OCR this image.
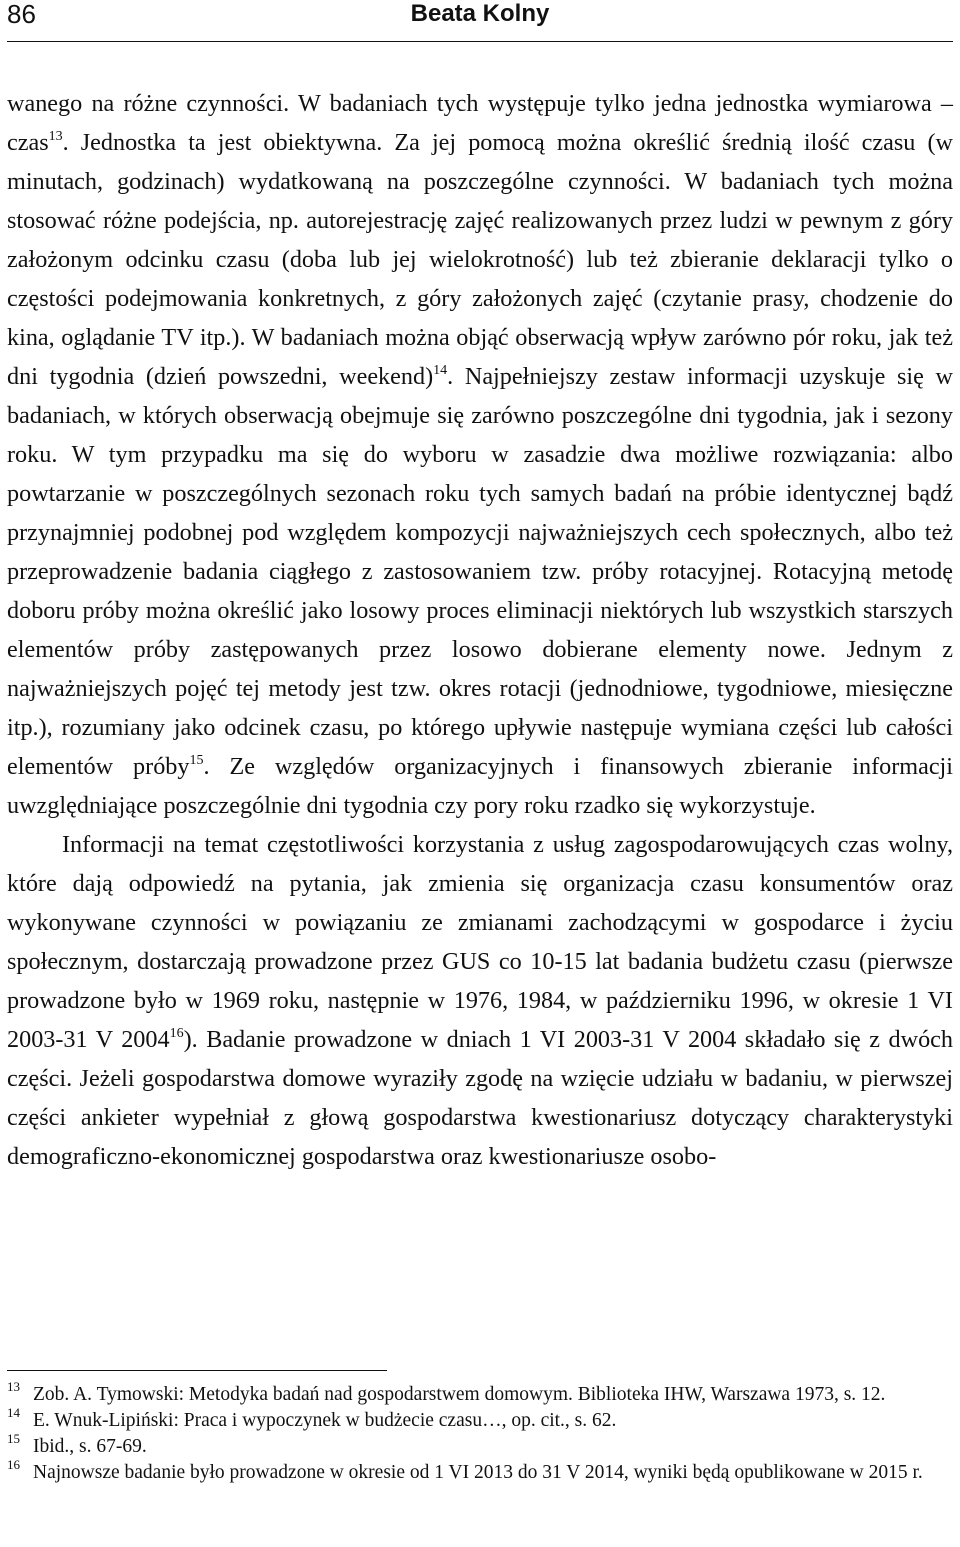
86	Beata Kolny

wanego na różne czynności. W badaniach tych występuje tylko jedna jednostka wymiarowa – czas$^{13}$. Jednostka ta jest obiektywna. Za jej pomocą można określić średnią ilość czasu (w minutach, godzinach) wydatkowaną na poszczególne czynności. W badaniach tych można stosować różne podejścia, np. autorejestrację zajęć realizowanych przez ludzi w pewnym z góry założonym odcinku czasu (doba lub jej wielokrotność) lub też zbieranie deklaracji tylko o częstości podejmowania konkretnych, z góry założonych zajęć (czytanie prasy, chodzenie do kina, oglądanie TV itp.). W badaniach można objąć obserwacją wpływ zarówno pór roku, jak też dni tygodnia (dzień powszedni, weekend)$^{14}$. Najpełniejszy zestaw informacji uzyskuje się w badaniach, w których obserwacją obejmuje się zarówno poszczególne dni tygodnia, jak i sezony roku. W tym przypadku ma się do wyboru w zasadzie dwa możliwe rozwiązania: albo powtarzanie w poszczególnych sezonach roku tych samych badań na próbie identycznej bądź przynajmniej podobnej pod względem kompozycji najważniejszych cech społecznych, albo też przeprowadzenie badania ciągłego z zastosowaniem tzw. próby rotacyjnej. Rotacyjną metodę doboru próby można określić jako losowy proces eliminacji niektórych lub wszystkich starszych elementów próby zastępowanych przez losowo dobierane elementy nowe. Jednym z najważniejszych pojęć tej metody jest tzw. okres rotacji (jednodniowe, tygodniowe, miesięczne itp.), rozumiany jako odcinek czasu, po którego upływie następuje wymiana części lub całości elementów próby$^{15}$. Ze względów organizacyjnych i finansowych zbieranie informacji uwzględniające poszczególnie dni tygodnia czy pory roku rzadko się wykorzystuje.

Informacji na temat częstotliwości korzystania z usług zagospodarowujących czas wolny, które dają odpowiedź na pytania, jak zmienia się organizacja czasu konsumentów oraz wykonywane czynności w powiązaniu ze zmianami zachodzącymi w gospodarce i życiu społecznym, dostarczają prowadzone przez GUS co 10-15 lat badania budżetu czasu (pierwsze prowadzone było w 1969 roku, następnie w 1976, 1984, w październiku 1996, w okresie 1 VI 2003-31 V 2004$^{16}$). Badanie prowadzone w dniach 1 VI 2003-31 V 2004 składało się z dwóch części. Jeżeli gospodarstwa domowe wyraziły zgodę na wzięcie udziału w badaniu, w pierwszej części ankieter wypełniał z głową gospodarstwa kwestionariusz dotyczący charakterystyki demograficzno-ekonomicznej gospodarstwa oraz kwestionariusze osobo-

13 Zob. A. Tymowski: Metodyka badań nad gospodarstwem domowym. Biblioteka IHW, Warszawa 1973, s. 12.
14 E. Wnuk-Lipiński: Praca i wypoczynek w budżecie czasu…, op. cit., s. 62.
15 Ibid., s. 67-69.
16 Najnowsze badanie było prowadzone w okresie od 1 VI 2013 do 31 V 2014, wyniki będą opublikowane w 2015 r.
